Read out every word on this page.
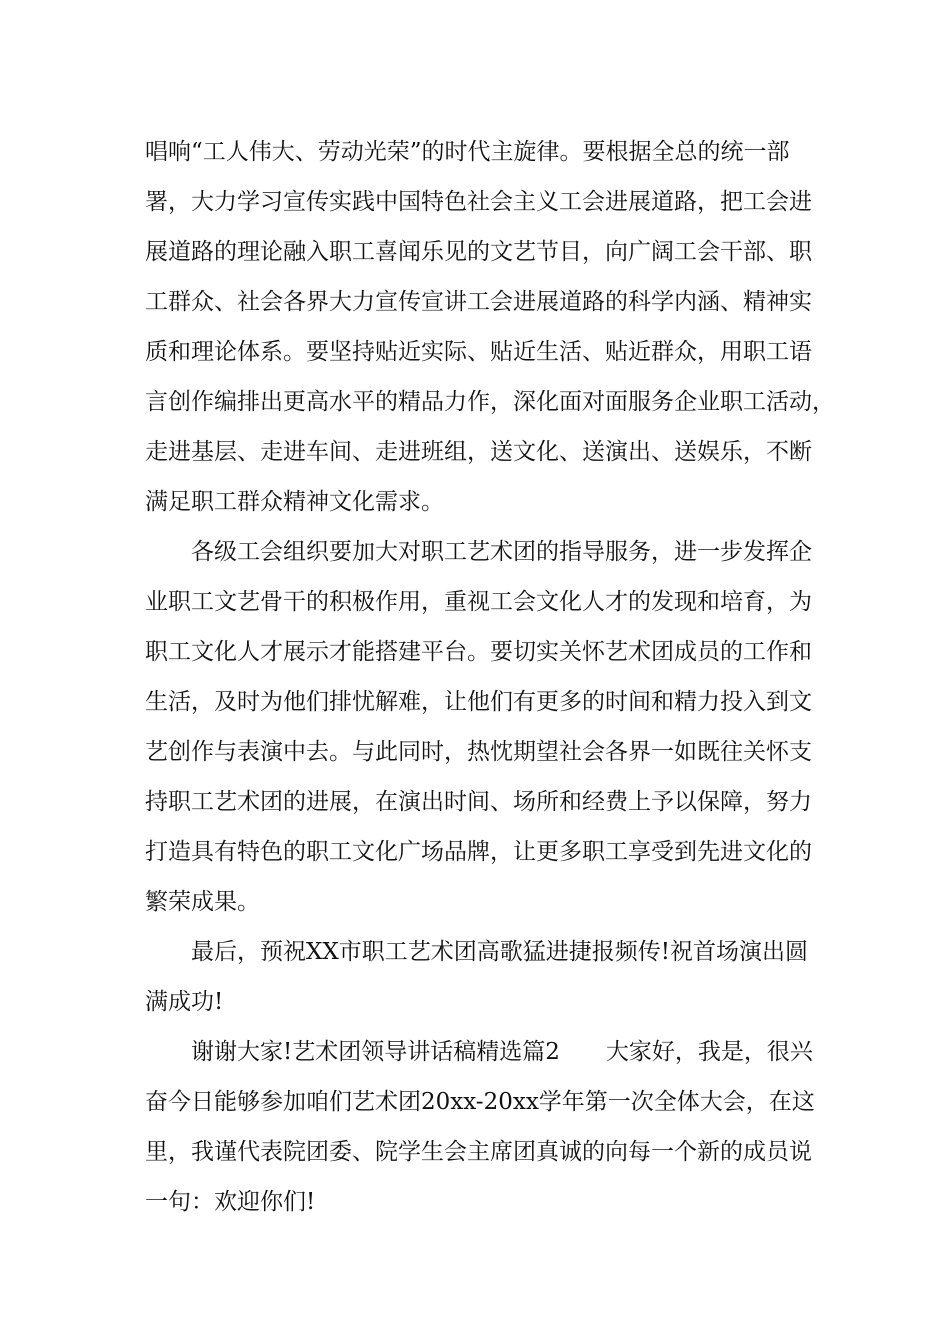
唱响“工人伟大、劳动光荣”的时代主旋律。要根据全总的统一部
署，大力学习宣传实践中国特色社会主义工会进展道路，把工会进
展道路的理论融入职工喜闻乐见的文艺节目，向广阔工会干部、职
工群众、社会各界大力宣传宣讲工会进展道路的科学内涵、精神实
质和理论体系。要坚持贴近实际、贴近生活、贴近群众，用职工语
言创作编排出更高水平的精品力作，深化面对面服务企业职工活动，
走进基层、走进车间、走进班组，送文化、送演出、送娱乐，不断
满足职工群众精神文化需求。
各级工会组织要加大对职工艺术团的指导服务，进一步发挥企
业职工文艺骨干的积极作用，重视工会文化人才的发现和培育，为
职工文化人才展示才能搭建平台。要切实关怀艺术团成员的工作和
生活，及时为他们排忧解难，让他们有更多的时间和精力投入到文
艺创作与表演中去。与此同时，热忱期望社会各界一如既往关怀支
持职工艺术团的进展，在演出时间、场所和经费上予以保障，努力
打造具有特色的职工文化广场品牌，让更多职工享受到先进文化的
繁荣成果。
最后，预祝XX市职工艺术团高歌猛进捷报频传!祝首场演出圆
满成功!
谢谢大家!艺术团领导讲话稿精选篇2　　大家好，我是，很兴
奋今日能够参加咱们艺术团20xx-20xx学年第一次全体大会，在这
里，我谨代表院团委、院学生会主席团真诚的向每一个新的成员说
一句：欢迎你们!
